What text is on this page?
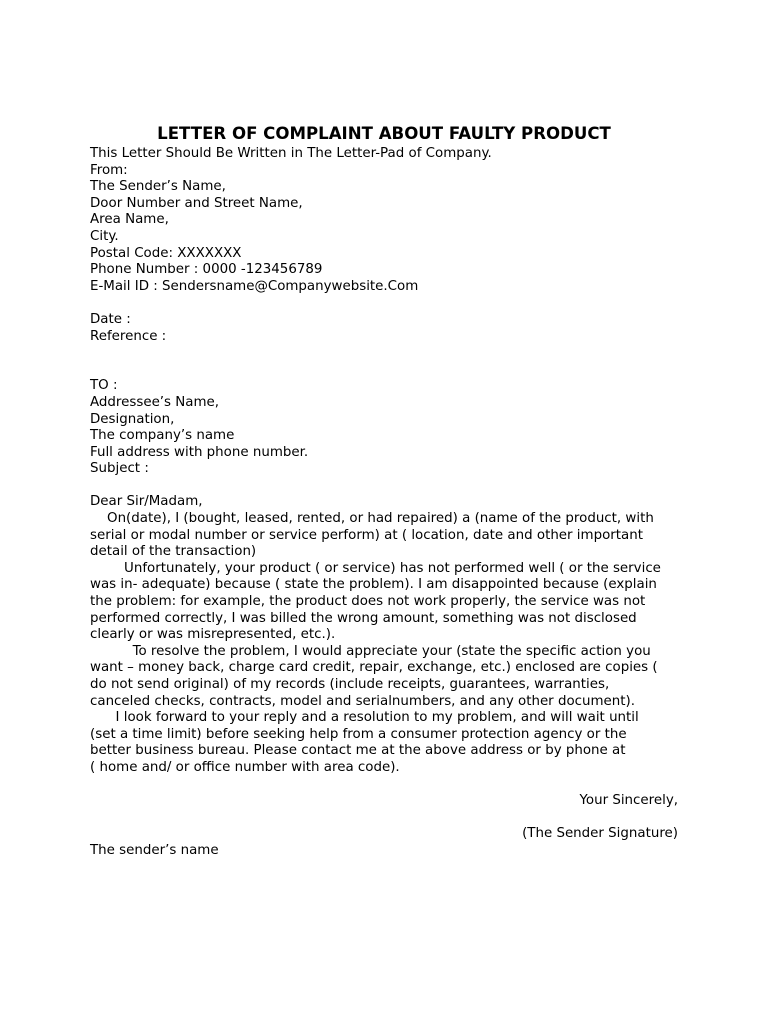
LETTER OF COMPLAINT ABOUT FAULTY PRODUCT
This Letter Should Be Written in The Letter-Pad of Company.
From:
The Sender’s Name,
Door Number and Street Name,
Area Name,
City.
Postal Code: XXXXXXX
Phone Number : 0000 -123456789
E-Mail ID : Sendersname@Companywebsite.Com
Date :
Reference :
TO :
Addressee’s Name,
Designation,
The company’s name
Full address with phone number.
Subject :
Dear Sir/Madam,
On(date), I (bought, leased, rented, or had repaired) a (name of the product, with
serial or modal number or service perform) at ( location, date and other important
detail of the transaction)
Unfortunately, your product ( or service) has not performed well ( or the service
was in- adequate) because ( state the problem). I am disappointed because (explain
the problem: for example, the product does not work properly, the service was not
performed correctly, I was billed the wrong amount, something was not disclosed
clearly or was misrepresented, etc.).
To resolve the problem, I would appreciate your (state the specific action you
want – money back, charge card credit, repair, exchange, etc.) enclosed are copies (
do not send original) of my records (include receipts, guarantees, warranties,
canceled checks, contracts, model and serialnumbers, and any other document).
I look forward to your reply and a resolution to my problem, and will wait until
(set a time limit) before seeking help from a consumer protection agency or the
better business bureau. Please contact me at the above address or by phone at
( home and/ or office number with area code).
Your Sincerely,
(The Sender Signature)
The sender’s name
